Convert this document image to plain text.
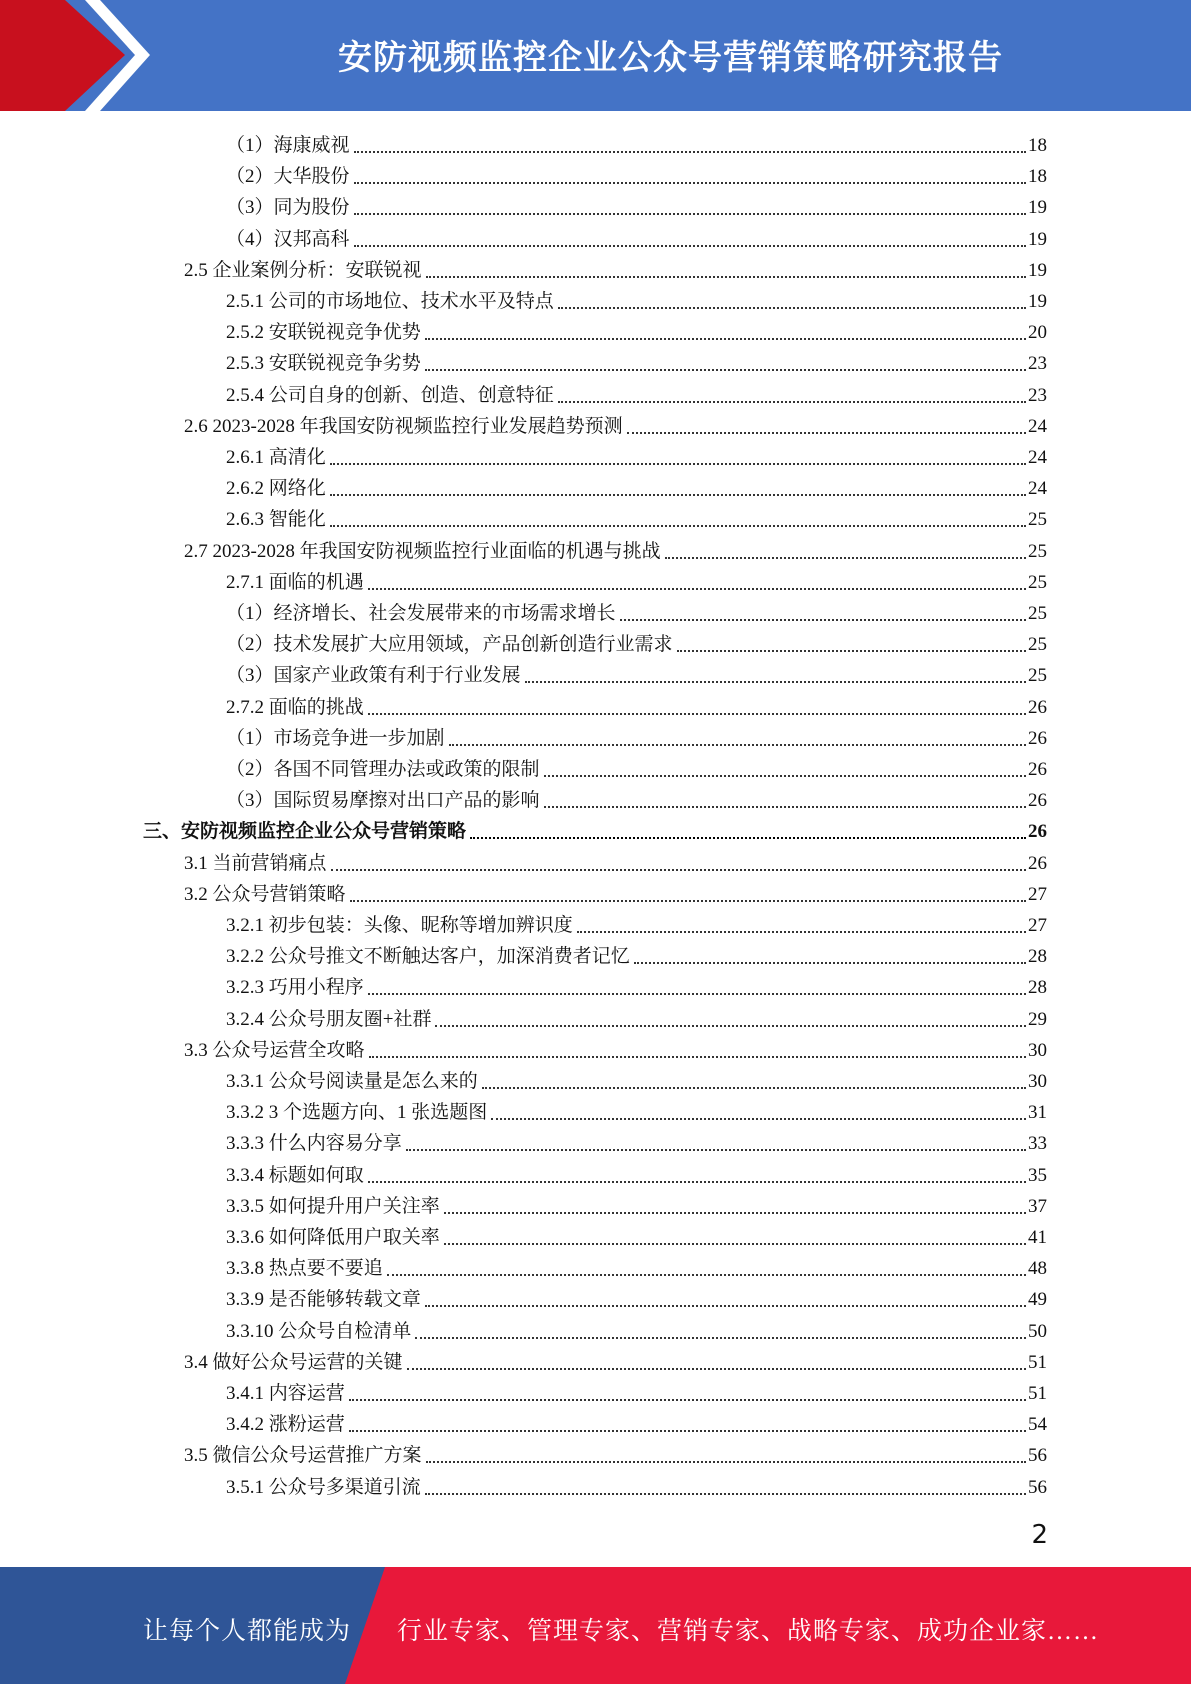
安防视频监控企业公众号营销策略研究报告
（1）海康威视	18
（2）大华股份	18
（3）同为股份	19
（4）汉邦高科	19
2.5 企业案例分析：安联锐视	19
2.5.1 公司的市场地位、技术水平及特点	19
2.5.2 安联锐视竞争优势	20
2.5.3 安联锐视竞争劣势	23
2.5.4 公司自身的创新、创造、创意特征	23
2.6 2023-2028 年我国安防视频监控行业发展趋势预测	24
2.6.1 高清化	24
2.6.2 网络化	24
2.6.3 智能化	25
2.7 2023-2028 年我国安防视频监控行业面临的机遇与挑战	25
2.7.1 面临的机遇	25
（1）经济增长、社会发展带来的市场需求增长	25
（2）技术发展扩大应用领域，产品创新创造行业需求	25
（3）国家产业政策有利于行业发展	25
2.7.2 面临的挑战	26
（1）市场竞争进一步加剧	26
（2）各国不同管理办法或政策的限制	26
（3）国际贸易摩擦对出口产品的影响	26
三、安防视频监控企业公众号营销策略	26
3.1 当前营销痛点	26
3.2 公众号营销策略	27
3.2.1 初步包装：头像、昵称等增加辨识度	27
3.2.2 公众号推文不断触达客户，加深消费者记忆	28
3.2.3 巧用小程序	28
3.2.4 公众号朋友圈+社群	29
3.3 公众号运营全攻略	30
3.3.1 公众号阅读量是怎么来的	30
3.3.2 3 个选题方向、1 张选题图	31
3.3.3 什么内容易分享	33
3.3.4 标题如何取	35
3.3.5 如何提升用户关注率	37
3.3.6 如何降低用户取关率	41
3.3.8 热点要不要追	48
3.3.9 是否能够转载文章	49
3.3.10 公众号自检清单	50
3.4 做好公众号运营的关键	51
3.4.1 内容运营	51
3.4.2 涨粉运营	54
3.5 微信公众号运营推广方案	56
3.5.1 公众号多渠道引流	56
2
让每个人都能成为 行业专家、管理专家、营销专家、战略专家、成功企业家……
